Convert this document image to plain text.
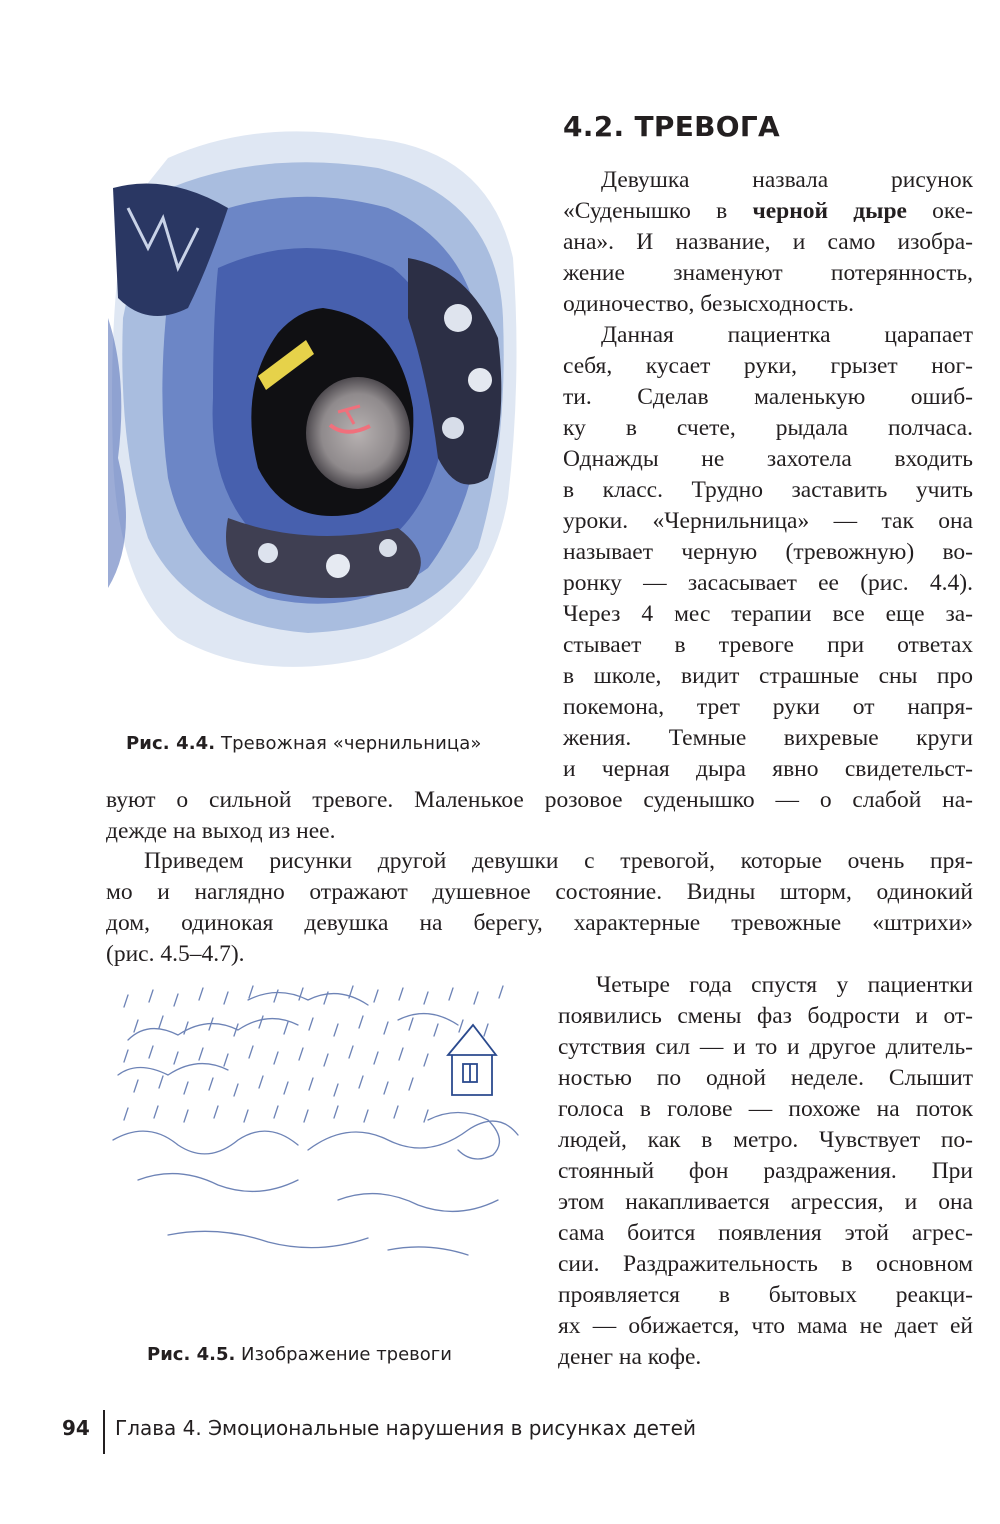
Рис. 4.4. Тревожная «чернильница»
4.2. ТРЕВОГА
Девушка назвала рисунок
«Суденышко в черной дыре оке-
ана». И название, и само изобра-
жение знаменуют потерянность,
одиночество, безысходность.
Данная пациентка царапает
себя, кусает руки, грызет ног-
ти. Сделав маленькую ошиб-
ку в счете, рыдала полчаса.
Однажды не захотела входить
в класс. Трудно заставить учить
уроки. «Чернильница» — так она
называет черную (тревожную) во-
ронку — засасывает ее (рис. 4.4).
Через 4 мес терапии все еще за-
стывает в тревоге при ответах
в школе, видит страшные сны про
покемона, трет руки от напря-
жения. Темные вихревые круги
и черная дыра явно свидетельст-
вуют о сильной тревоге. Маленькое розовое суденышко — о слабой на-
дежде на выход из нее.
Приведем рисунки другой девушки с тревогой, которые очень пря-
мо и наглядно отражают душевное состояние. Видны шторм, одинокий
дом, одинокая девушка на берегу, характерные тревожные «штрихи»
(рис. 4.5–4.7).
Рис. 4.5. Изображение тревоги
Четыре года спустя у пациентки
появились смены фаз бодрости и от-
сутствия сил — и то и другое длитель-
ностью по одной неделе. Слышит
голоса в голове — похоже на поток
людей, как в метро. Чувствует по-
стоянный фон раздражения. При
этом накапливается агрессия, и она
сама боится появления этой агрес-
сии. Раздражительность в основном
проявляется в бытовых реакци-
ях — обижается, что мама не дает ей
денег на кофе.
94 Глава 4. Эмоциональные нарушения в рисунках детей
